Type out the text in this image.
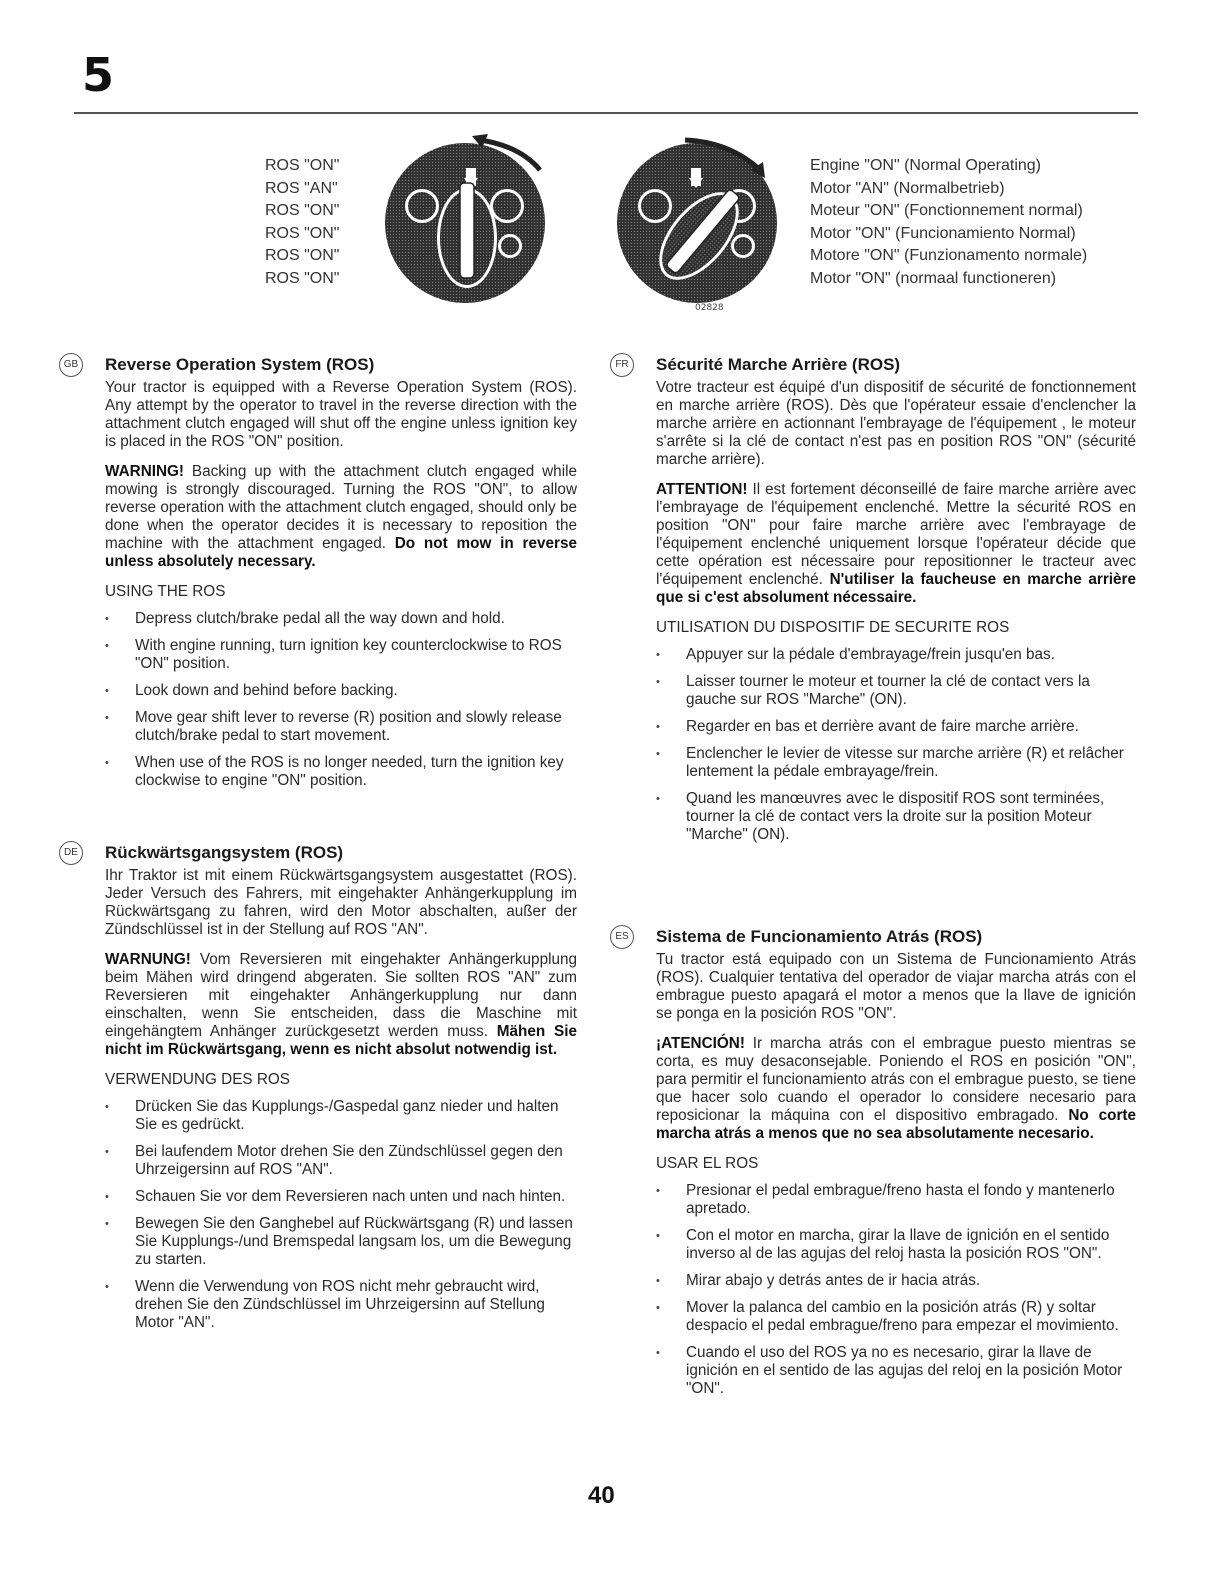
5
ROS "ON"
ROS "AN"
ROS "ON"
ROS "ON"
ROS "ON"
ROS "ON"
02828
Engine "ON" (Normal Operating)
Motor "AN" (Normalbetrieb)
Moteur "ON" (Fonctionnement normal)
Motor "ON" (Funcionamiento Normal)
Motore "ON" (Funzionamento normale)
Motor "ON" (normaal functioneren)
GB Reverse Operation System (ROS)

Your tractor is equipped with a Reverse Operation System (ROS). Any attempt by the operator to travel in the reverse direction with the attachment clutch engaged will shut off the engine unless ignition key is placed in the ROS "ON" position.

WARNING! Backing up with the attachment clutch engaged while mowing is strongly discouraged. Turning the ROS "ON", to allow reverse operation with the attachment clutch engaged, should only be done when the operator decides it is necessary to reposition the machine with the attachment engaged. Do not mow in reverse unless absolutely necessary.

USING THE ROS
• Depress clutch/brake pedal all the way down and hold.
• With engine running, turn ignition key counterclockwise to ROS "ON" position.
• Look down and behind before backing.
• Move gear shift lever to reverse (R) position and slowly release clutch/brake pedal to start movement.
• When use of the ROS is no longer needed, turn the ignition key clockwise to engine "ON" position.
DE Rückwärtsgangsystem (ROS)

Ihr Traktor ist mit einem Rückwärtsgangsystem ausgestattet (ROS). Jeder Versuch des Fahrers, mit eingehakter Anhängerkupplung im Rückwärtsgang zu fahren, wird den Motor abschalten, außer der Zündschlüssel ist in der Stellung auf ROS "AN".

WARNUNG! Vom Reversieren mit eingehakter Anhängerkupplung beim Mähen wird dringend abgeraten. Sie sollten ROS "AN" zum Reversieren mit eingehakter Anhängerkupplung nur dann einschalten, wenn Sie entscheiden, dass die Maschine mit eingehängtem Anhänger zurückgesetzt werden muss. Mähen Sie nicht im Rückwärtsgang, wenn es nicht absolut notwendig ist.

VERWENDUNG DES ROS
• Drücken Sie das Kupplungs-/Gaspedal ganz nieder und halten Sie es gedrückt.
• Bei laufendem Motor drehen Sie den Zündschlüssel gegen den Uhrzeigersinn auf ROS "AN".
• Schauen Sie vor dem Reversieren nach unten und nach hinten.
• Bewegen Sie den Ganghebel auf Rückwärtsgang (R) und lassen Sie Kupplungs-/und Bremspedal langsam los, um die Bewegung zu starten.
• Wenn die Verwendung von ROS nicht mehr gebraucht wird, drehen Sie den Zündschlüssel im Uhrzeigersinn auf Stellung Motor "AN".
FR	Sécurité Marche Arrière (ROS)

Votre tracteur est équipé d'un dispositif de sécurité de fonctionnement en marche arrière (ROS). Dès que l'opérateur essaie d'enclencher la marche arrière en actionnant l'embrayage de l'équipement , le moteur s'arrête si la clé de contact n'est pas en position ROS "ON" (sécurité marche arrière).

ATTENTION! Il est fortement déconseillé de faire marche arrière avec l'embrayage de l'équipement enclenché. Mettre la sécurité ROS en position "ON" pour faire marche arrière avec l'embrayage de l'équipement enclenché uniquement lorsque l'opérateur décide que cette opération est nécessaire pour repositionner le tracteur avec l'équipement enclenché. N'utiliser la faucheuse en marche arrière que si c'est absolument nécessaire.

UTILISATION DU DISPOSITIF DE SECURITE ROS
• Appuyer sur la pédale d'embrayage/frein jusqu'en bas.
• Laisser tourner le moteur et tourner la clé de contact vers la gauche sur ROS "Marche" (ON).
• Regarder en bas et derrière avant de faire marche arrière.
• Enclencher le levier de vitesse sur marche arrière (R) et relâcher lentement la pédale embrayage/frein.
• Quand les manœuvres avec le dispositif ROS sont terminées, tourner la clé de contact vers la droite sur la position Moteur "Marche" (ON).
ES	Sistema de Funcionamiento Atrás (ROS)

Tu tractor está equipado con un Sistema de Funcionamiento Atrás (ROS). Cualquier tentativa del operador de viajar marcha atrás con el embrague puesto apagará el motor a menos que la llave de ignición se ponga en la posición ROS "ON".

¡ATENCIÓN! Ir marcha atrás con el embrague puesto mientras se corta, es muy desaconsejable. Poniendo el ROS en posición "ON", para permitir el funcionamiento atrás con el embrague puesto, se tiene que hacer solo cuando el operador lo considere necesario para reposicionar la máquina con el dispositivo embragado. No corte marcha atrás a menos que no sea absolutamente necesario.

USAR EL ROS
• Presionar el pedal embrague/freno hasta el fondo y mantenerlo apretado.
• Con el motor en marcha, girar la llave de ignición en el sentido inverso al de las agujas del reloj hasta la posición ROS "ON".
• Mirar abajo y detrás antes de ir hacia atrás.
• Mover la palanca del cambio en la posición atrás (R) y soltar despacio el pedal embrague/freno para empezar el movimiento.
• Cuando el uso del ROS ya no es necesario, girar la llave de ignición en el sentido de las agujas del reloj en la posición Motor "ON".
40
